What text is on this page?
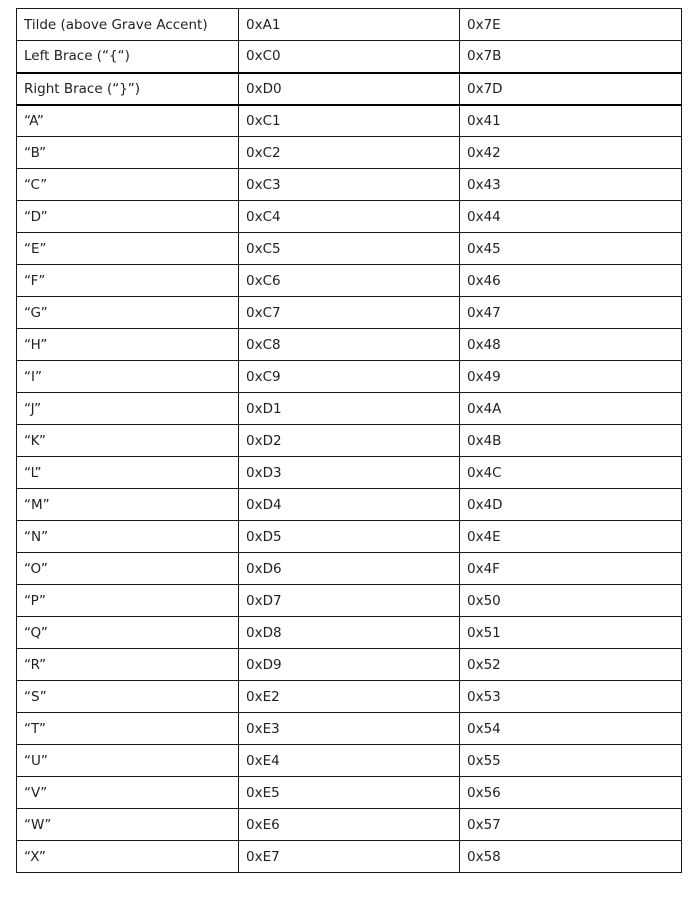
Tilde (above Grave Accent)	0xA1	0x7E
Left Brace (“{“)	0xC0	0x7B
Right Brace (“}”)	0xD0	0x7D
“A”	0xC1	0x41
“B”	0xC2	0x42
“C”	0xC3	0x43
“D”	0xC4	0x44
“E”	0xC5	0x45
“F”	0xC6	0x46
“G”	0xC7	0x47
“H”	0xC8	0x48
“I”	0xC9	0x49
“J”	0xD1	0x4A
“K”	0xD2	0x4B
“L”	0xD3	0x4C
“M”	0xD4	0x4D
“N”	0xD5	0x4E
“O”	0xD6	0x4F
“P”	0xD7	0x50
“Q”	0xD8	0x51
“R”	0xD9	0x52
“S”	0xE2	0x53
“T”	0xE3	0x54
“U”	0xE4	0x55
“V”	0xE5	0x56
“W”	0xE6	0x57
“X”	0xE7	0x58
